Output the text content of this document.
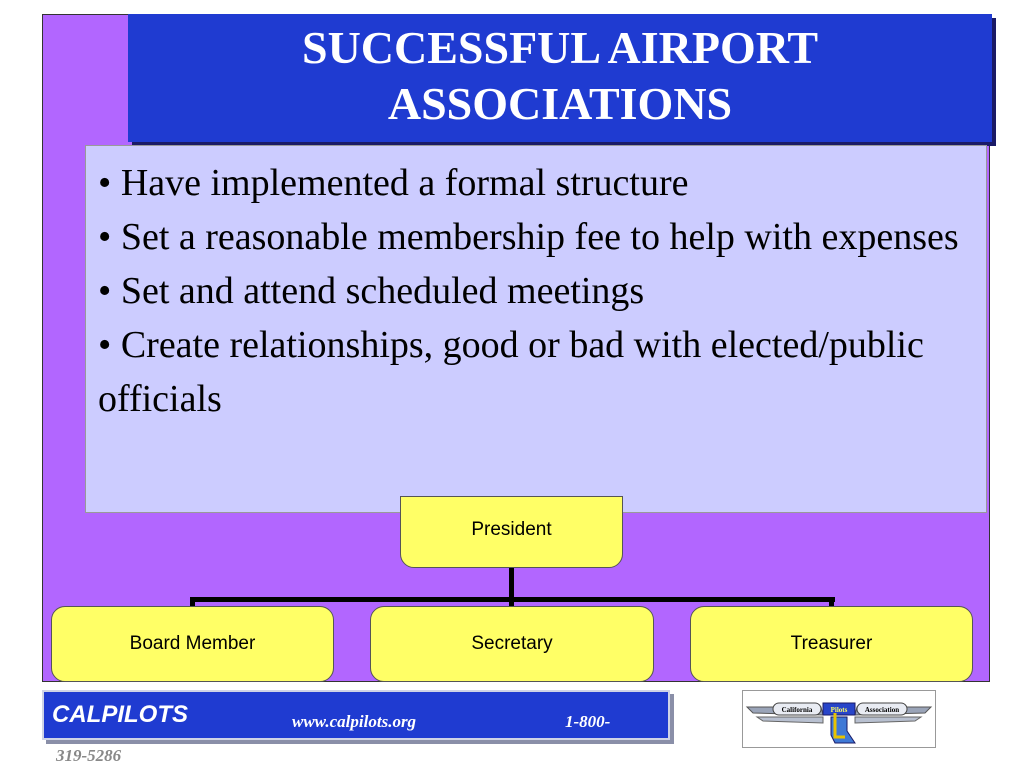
SUCCESSFUL AIRPORT
ASSOCIATIONS
• Have implemented a formal structure
• Set a reasonable membership fee to help with expenses
• Set and attend scheduled meetings
• Create relationships, good or bad with elected/public officials
President
Board Member	Secretary	Treasurer
CALPILOTS	www.calpilots.org	1-800-
319-5286
California	Pilots	Association
